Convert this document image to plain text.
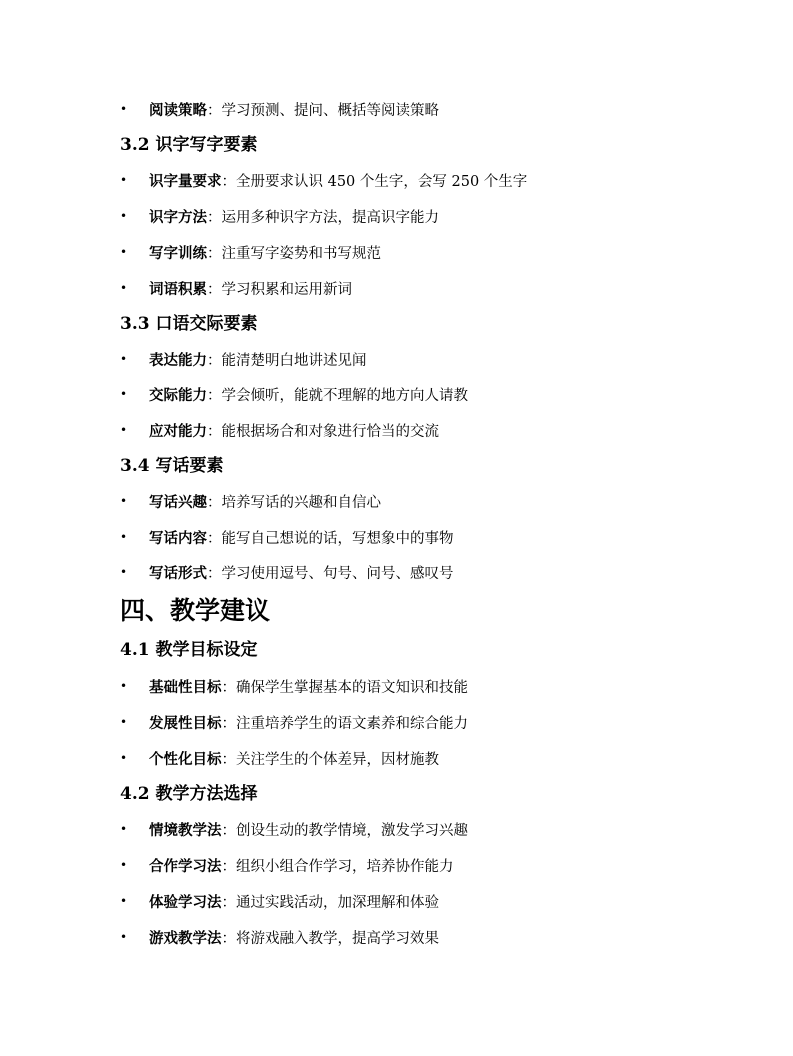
• 阅读策略：学习预测、提问、概括等阅读策略
3.2 识字写字要素
• 识字量要求：全册要求认识 450 个生字，会写 250 个生字
• 识字方法：运用多种识字方法，提高识字能力
• 写字训练：注重写字姿势和书写规范
• 词语积累：学习积累和运用新词
3.3 口语交际要素
• 表达能力：能清楚明白地讲述见闻
• 交际能力：学会倾听，能就不理解的地方向人请教
• 应对能力：能根据场合和对象进行恰当的交流
3.4 写话要素
• 写话兴趣：培养写话的兴趣和自信心
• 写话内容：能写自己想说的话，写想象中的事物
• 写话形式：学习使用逗号、句号、问号、感叹号
四、教学建议
4.1 教学目标设定
• 基础性目标：确保学生掌握基本的语文知识和技能
• 发展性目标：注重培养学生的语文素养和综合能力
• 个性化目标：关注学生的个体差异，因材施教
4.2 教学方法选择
• 情境教学法：创设生动的教学情境，激发学习兴趣
• 合作学习法：组织小组合作学习，培养协作能力
• 体验学习法：通过实践活动，加深理解和体验
• 游戏教学法：将游戏融入教学，提高学习效果
